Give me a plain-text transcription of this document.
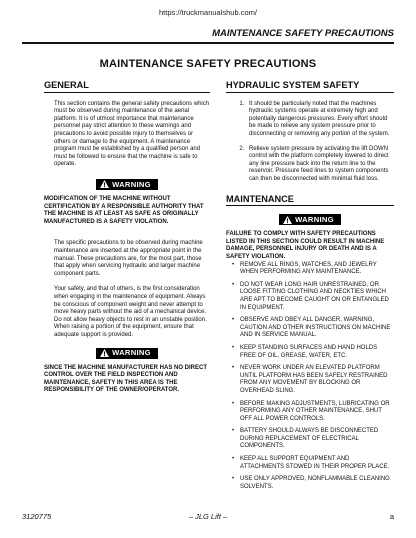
https://truckmanualshub.com/
MAINTENANCE SAFETY PRECAUTIONS
MAINTENANCE SAFETY PRECAUTIONS
GENERAL

This section contains the general safety precautions which must be observed during maintenance of the aerial platform. It is of utmost importance that maintenance personnel pay strict attention to these warnings and precautions to avoid possible injury to themselves or others or damage to the equipment. A maintenance program must be established by a qualified person and must be followed to ensure that the machine is safe to operate.

WARNING

MODIFICATION OF THE MACHINE WITHOUT CERTIFICATION BY A RESPONSIBLE AUTHORITY THAT THE MACHINE IS AT LEAST AS SAFE AS ORIGINALLY MANUFACTURED IS A SAFETY VIOLATION.

The specific precautions to be observed during machine maintenance are inserted at the appropriate point in the manual. These precautions are, for the most part, those that apply when servicing hydraulic and larger machine component parts.

Your safety, and that of others, is the first consideration when engaging in the maintenance of equipment. Always be conscious of component weight and never attempt to move heavy parts without the aid of a mechanical device. Do not allow heavy objects to rest in an unstable position. When raising a portion of the equipment, ensure that adequate support is provided.

WARNING

SINCE THE MACHINE MANUFACTURER HAS NO DIRECT CONTROL OVER THE FIELD INSPECTION AND MAINTENANCE, SAFETY IN THIS AREA IS THE RESPONSIBILITY OF THE OWNER/OPERATOR.

HYDRAULIC SYSTEM SAFETY
1. It should be particularly noted that the machines hydraulic systems operate at extremely high and potentially dangerous pressures. Every effort should be made to relieve any system pressure prior to disconnecting or removing any portion of the system.
2. Relieve system pressure by activating the lift DOWN control with the platform completely lowered to direct any line pressure back into the return line to the reservoir. Pressure feed lines to system components can then be disconnected with minimal fluid loss.
MAINTENANCE
WARNING

FAILURE TO COMPLY WITH SAFETY PRECAUTIONS LISTED IN THIS SECTION COULD RESULT IN MACHINE DAMAGE, PERSONNEL INJURY OR DEATH AND IS A SAFETY VIOLATION.

• REMOVE ALL RINGS, WATCHES, AND JEWELRY WHEN PERFORMING ANY MAINTENANCE.
• DO NOT WEAR LONG HAIR UNRESTRAINED, OR LOOSE FITTING CLOTHING AND NECKTIES WHICH ARE APT TO BECOME CAUGHT ON OR ENTANGLED IN EQUIPMENT.
• OBSERVE AND OBEY ALL DANGER, WARNING, CAUTION AND OTHER INSTRUCTIONS ON MACHINE AND IN SERVICE MANUAL.
• KEEP STANDING SURFACES AND HAND HOLDS FREE OF OIL, GREASE, WATER, ETC.
• NEVER WORK UNDER AN ELEVATED PLATFORM UNTIL PLATFORM HAS BEEN SAFELY RESTRAINED FROM ANY MOVEMENT BY BLOCKING OR OVERHEAD SLING.
• BEFORE MAKING ADJUSTMENTS, LUBRICATING OR PERFORMING ANY OTHER MAINTENANCE, SHUT OFF ALL POWER CONTROLS.
• BATTERY SHOULD ALWAYS BE DISCONNECTED DURING REPLACEMENT OF ELECTRICAL COMPONENTS.
• KEEP ALL SUPPORT EQUIPMENT AND ATTACHMENTS STOWED IN THEIR PROPER PLACE.
• USE ONLY APPROVED, NONFLAMMABLE CLEANING SOLVENTS.
3120775	– JLG Lift –	a
